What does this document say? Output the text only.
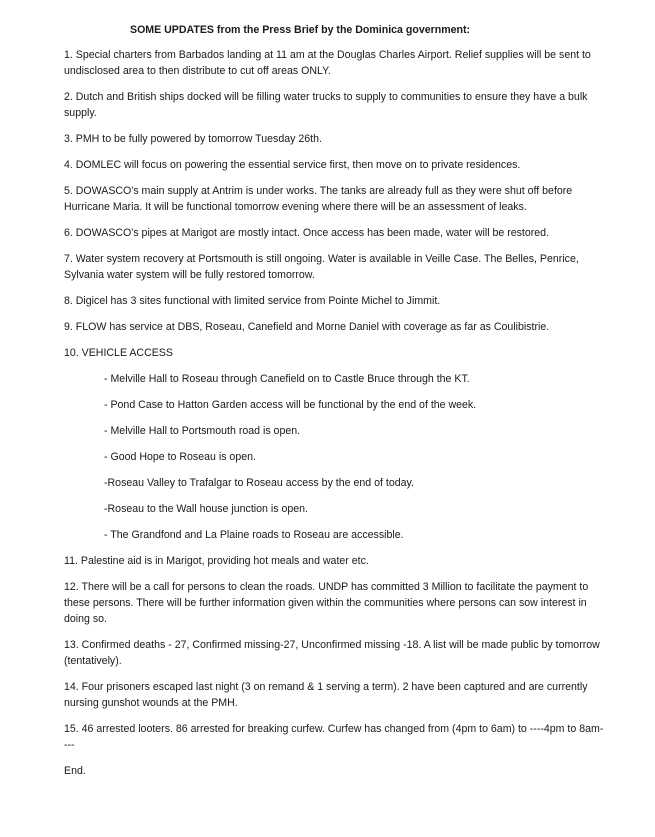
SOME UPDATES from the Press Brief by the Dominica government:
1. Special charters from Barbados landing at 11 am at the Douglas Charles Airport. Relief supplies will be sent to undisclosed area to then distribute to cut off areas ONLY.
2. Dutch and British ships docked will be filling water trucks to supply to communities to ensure they have a bulk supply.
3. PMH to be fully powered by tomorrow Tuesday 26th.
4. DOMLEC will focus on powering the essential service first, then move on to private residences.
5. DOWASCO's main supply at Antrim is under works. The tanks are already full as they were shut off before Hurricane Maria. It will be functional tomorrow evening where there will be an assessment of leaks.
6. DOWASCO's pipes at Marigot are mostly intact. Once access has been made, water will be restored.
7. Water system recovery at Portsmouth is still ongoing. Water is available in Veille Case. The Belles, Penrice, Sylvania water system will be fully restored tomorrow.
8. Digicel has 3 sites functional with limited service from Pointe Michel to Jimmit.
9. FLOW has service at DBS, Roseau, Canefield and Morne Daniel with coverage as far as Coulibistrie.
10. VEHICLE ACCESS
- Melville Hall to Roseau through Canefield on to Castle Bruce through the KT.
- Pond Case to Hatton Garden access will be functional by the end of the week.
- Melville Hall to Portsmouth road is open.
- Good Hope to Roseau is open.
-Roseau Valley to Trafalgar to Roseau access by the end of today.
-Roseau to the Wall house junction is open.
- The Grandfond and La Plaine roads to Roseau are accessible.
11. Palestine aid is in Marigot, providing hot meals and water etc.
12. There will be a call for persons to clean the roads. UNDP has committed 3 Million to facilitate the payment to these persons. There will be further information given within the communities where persons can sow interest in doing so.
13. Confirmed deaths - 27, Confirmed missing-27, Unconfirmed missing -18. A list will be made public by tomorrow (tentatively).
14. Four prisoners escaped last night (3 on remand & 1 serving a term). 2 have been captured and are currently nursing gunshot wounds at the PMH.
15. 46 arrested looters. 86 arrested for breaking curfew. Curfew has changed from (4pm to 6am) to ----4pm to 8am----
End.
